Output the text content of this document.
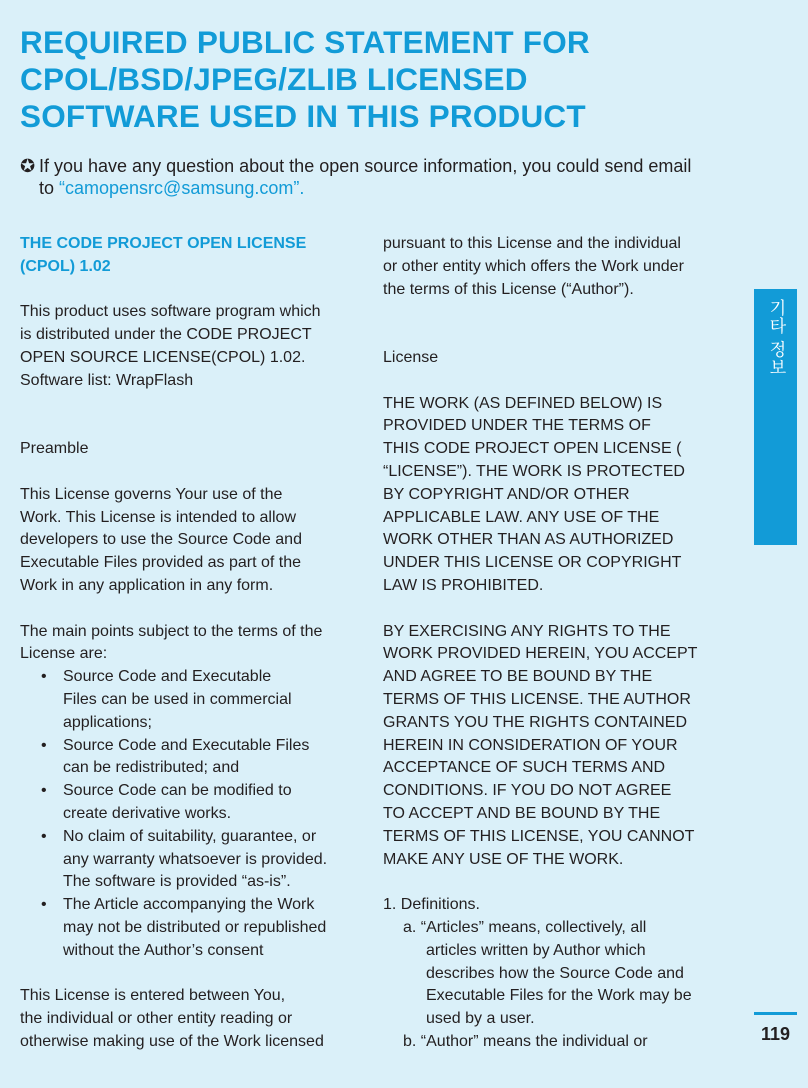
REQUIRED PUBLIC STATEMENT FOR
CPOL/BSD/JPEG/ZLIB LICENSED
SOFTWARE USED IN THIS PRODUCT
✪ If you have any question about the open source information, you could send email
to “camopensrc@samsung.com”.
THE CODE PROJECT OPEN LICENSE
(CPOL) 1.02
This product uses software program which
is distributed under the CODE PROJECT
OPEN SOURCE LICENSE(CPOL) 1.02.
Software list: WrapFlash
Preamble
This License governs Your use of the
Work. This License is intended to allow
developers to use the Source Code and
Executable Files provided as part of the
Work in any application in any form.
The main points subject to the terms of the
License are:
• Source Code and Executable
Files can be used in commercial
applications;
• Source Code and Executable Files
can be redistributed; and
• Source Code can be modified to
create derivative works.
• No claim of suitability, guarantee, or
any warranty whatsoever is provided.
The software is provided “as-is”.
• The Article accompanying the Work
may not be distributed or republished
without the Author’s consent
This License is entered between You,
the individual or other entity reading or
otherwise making use of the Work licensed
pursuant to this License and the individual
or other entity which offers the Work under
the terms of this License (“Author”).
License
THE WORK (AS DEFINED BELOW) IS
PROVIDED UNDER THE TERMS OF
THIS CODE PROJECT OPEN LICENSE (
“LICENSE”). THE WORK IS PROTECTED
BY COPYRIGHT AND/OR OTHER
APPLICABLE LAW. ANY USE OF THE
WORK OTHER THAN AS AUTHORIZED
UNDER THIS LICENSE OR COPYRIGHT
LAW IS PROHIBITED.
BY EXERCISING ANY RIGHTS TO THE
WORK PROVIDED HEREIN, YOU ACCEPT
AND AGREE TO BE BOUND BY THE
TERMS OF THIS LICENSE. THE AUTHOR
GRANTS YOU THE RIGHTS CONTAINED
HEREIN IN CONSIDERATION OF YOUR
ACCEPTANCE OF SUCH TERMS AND
CONDITIONS. IF YOU DO NOT AGREE
TO ACCEPT AND BE BOUND BY THE
TERMS OF THIS LICENSE, YOU CANNOT
MAKE ANY USE OF THE WORK.
1. Definitions.
a. “Articles” means, collectively, all
articles written by Author which
describes how the Source Code and
Executable Files for the Work may be
used by a user.
b. “Author” means the individual or
기타 정보
119
